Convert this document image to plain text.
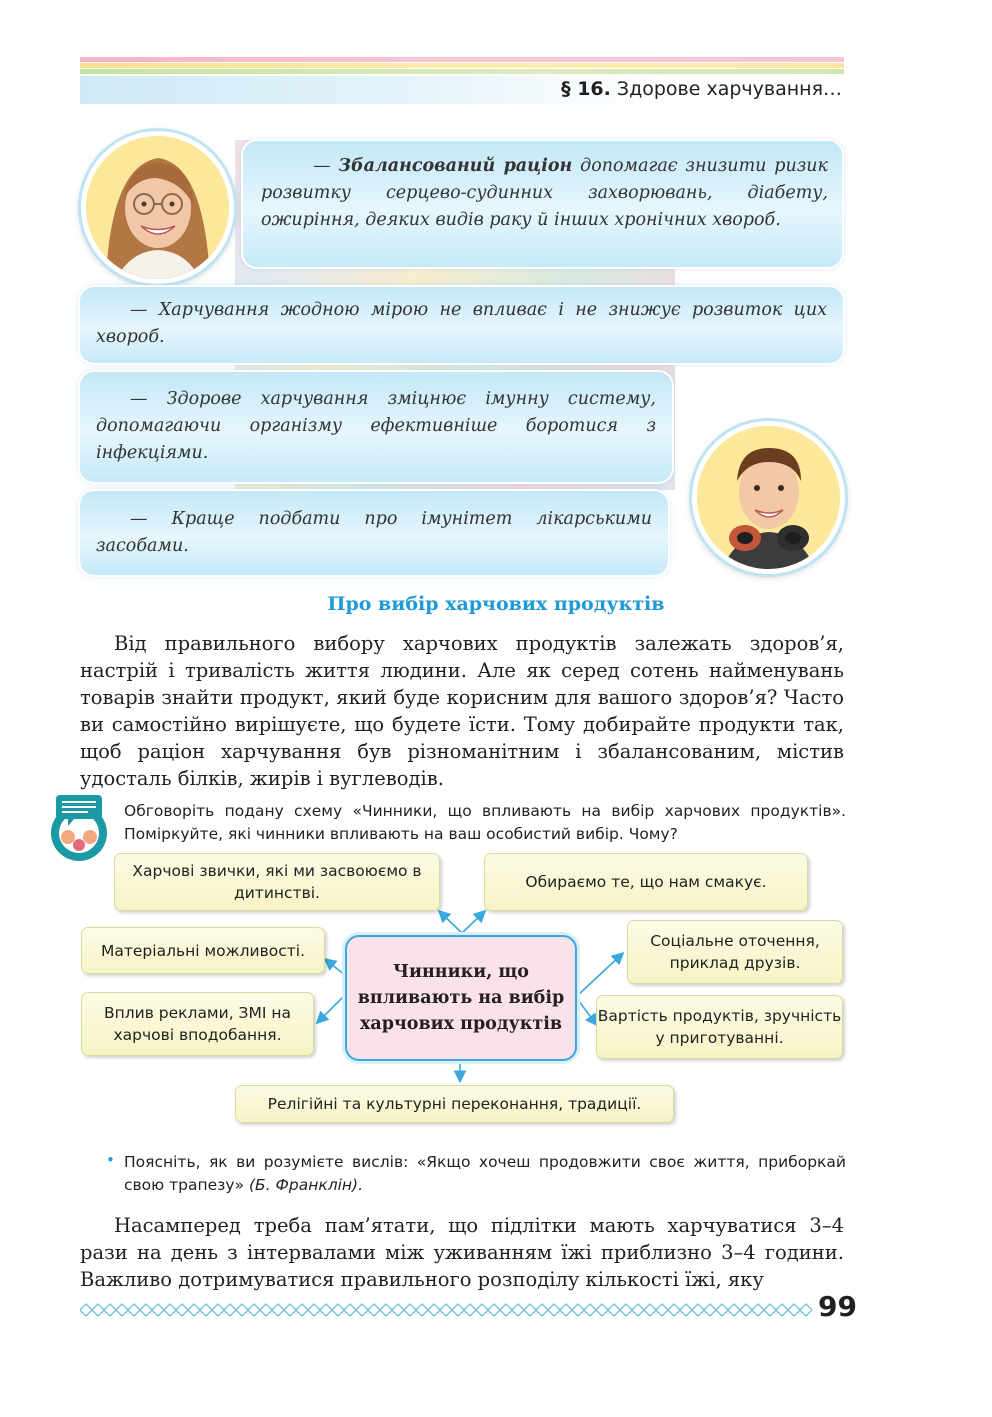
§ 16. Здорове харчування…
— Збалансований раціон допомагає знизити ризик розвитку серцево-судинних захворювань, діабету, ожиріння, деяких видів раку й інших хронічних хвороб.
— Харчування жодною мірою не впливає і не знижує розвиток цих хвороб.
— Здорове харчування зміцнює імунну систему, допомагаючи організму ефективніше боротися з інфекціями.
— Краще подбати про імунітет лікарськими засобами.
Про вибір харчових продуктів
Від правильного вибору харчових продуктів залежать здоров’я, настрій і тривалість життя людини. Але як серед сотень найменувань товарів знайти продукт, який буде корисним для вашого здоров’я? Часто ви самостійно вирішуєте, що будете їсти. Тому добирайте продукти так, щоб раціон харчування був різноманітним і збалансованим, містив удосталь білків, жирів і вуглеводів.
Обговоріть подану схему «Чинники, що впливають на вибір харчових продуктів». Поміркуйте, які чинники впливають на ваш особистий вибір. Чому?
Харчові звички, які ми засвоюємо в дитинстві.
Обираємо те, що нам смакує.
Матеріальні можливості.
Соціальне оточення, приклад друзів.
Вплив реклами, ЗМІ на харчові вподобання.
Вартість продуктів, зручність у приготуванні.
Релігійні та культурні переконання, традиції.
Чинники, що впливають на вибір харчових продуктів
• Поясніть, як ви розумієте вислів: «Якщо хочеш продовжити своє життя, приборкай свою трапезу» (Б. Франклін).
Насамперед треба пам’ятати, що підлітки мають харчуватися 3–4 рази на день з інтервалами між уживанням їжі приблизно 3–4 години. Важливо дотримуватися правильного розподілу кількості їжі, яку
99
